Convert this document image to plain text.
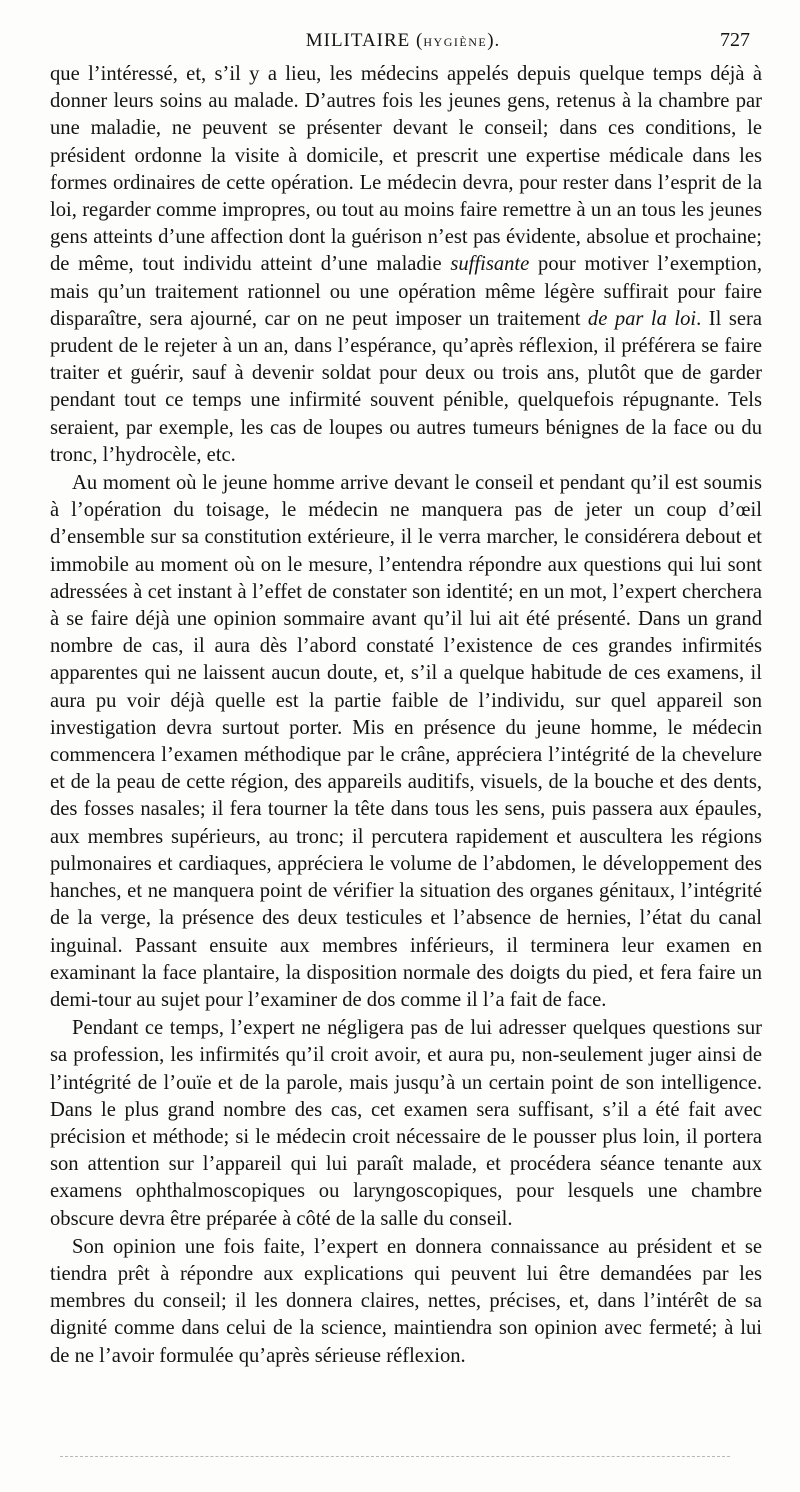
MILITAIRE (HYGIÈNE).	727

que l’intéressé, et, s’il y a lieu, les médecins appelés depuis quelque temps déjà à donner leurs soins au malade. D’autres fois les jeunes gens, retenus à la chambre par une maladie, ne peuvent se présenter devant le conseil; dans ces conditions, le président ordonne la visite à domicile, et prescrit une expertise médicale dans les formes ordinaires de cette opération. Le médecin devra, pour rester dans l’esprit de la loi, regarder comme impropres, ou tout au moins faire remettre à un an tous les jeunes gens atteints d’une affection dont la guérison n’est pas évidente, absolue et prochaine; de même, tout individu atteint d’une maladie suffisante pour motiver l’exemption, mais qu’un traitement rationnel ou une opération même légère suffirait pour faire disparaître, sera ajourné, car on ne peut imposer un traitement de par la loi. Il sera prudent de le rejeter à un an, dans l’espérance, qu’après réflexion, il préférera se faire traiter et guérir, sauf à devenir soldat pour deux ou trois ans, plutôt que de garder pendant tout ce temps une infirmité souvent pénible, quelquefois répugnante. Tels seraient, par exemple, les cas de loupes ou autres tumeurs bénignes de la face ou du tronc, l’hydrocèle, etc.

Au moment où le jeune homme arrive devant le conseil et pendant qu’il est soumis à l’opération du toisage, le médecin ne manquera pas de jeter un coup d’œil d’ensemble sur sa constitution extérieure, il le verra marcher, le considérera debout et immobile au moment où on le mesure, l’entendra répondre aux questions qui lui sont adressées à cet instant à l’effet de constater son identité; en un mot, l’expert cherchera à se faire déjà une opinion sommaire avant qu’il lui ait été présenté. Dans un grand nombre de cas, il aura dès l’abord constaté l’existence de ces grandes infirmités apparentes qui ne laissent aucun doute, et, s’il a quelque habitude de ces examens, il aura pu voir déjà quelle est la partie faible de l’individu, sur quel appareil son investigation devra surtout porter. Mis en présence du jeune homme, le médecin commencera l’examen méthodique par le crâne, appréciera l’intégrité de la chevelure et de la peau de cette région, des appareils auditifs, visuels, de la bouche et des dents, des fosses nasales; il fera tourner la tête dans tous les sens, puis passera aux épaules, aux membres supérieurs, au tronc; il percutera rapidement et auscultera les régions pulmonaires et cardiaques, appréciera le volume de l’abdomen, le développement des hanches, et ne manquera point de vérifier la situation des organes génitaux, l’intégrité de la verge, la présence des deux testicules et l’absence de hernies, l’état du canal inguinal. Passant ensuite aux membres inférieurs, il terminera leur examen en examinant la face plantaire, la disposition normale des doigts du pied, et fera faire un demi-tour au sujet pour l’examiner de dos comme il l’a fait de face.

Pendant ce temps, l’expert ne négligera pas de lui adresser quelques questions sur sa profession, les infirmités qu’il croit avoir, et aura pu, non-seulement juger ainsi de l’intégrité de l’ouïe et de la parole, mais jusqu’à un certain point de son intelligence. Dans le plus grand nombre des cas, cet examen sera suffisant, s’il a été fait avec précision et méthode; si le médecin croit nécessaire de le pousser plus loin, il portera son attention sur l’appareil qui lui paraît malade, et procédera séance tenante aux examens ophthalmoscopiques ou laryngoscopiques, pour lesquels une chambre obscure devra être préparée à côté de la salle du conseil.

Son opinion une fois faite, l’expert en donnera connaissance au président et se tiendra prêt à répondre aux explications qui peuvent lui être demandées par les membres du conseil; il les donnera claires, nettes, précises, et, dans l’intérêt de sa dignité comme dans celui de la science, maintiendra son opinion avec fermeté; à lui de ne l’avoir formulée qu’après sérieuse réflexion.
